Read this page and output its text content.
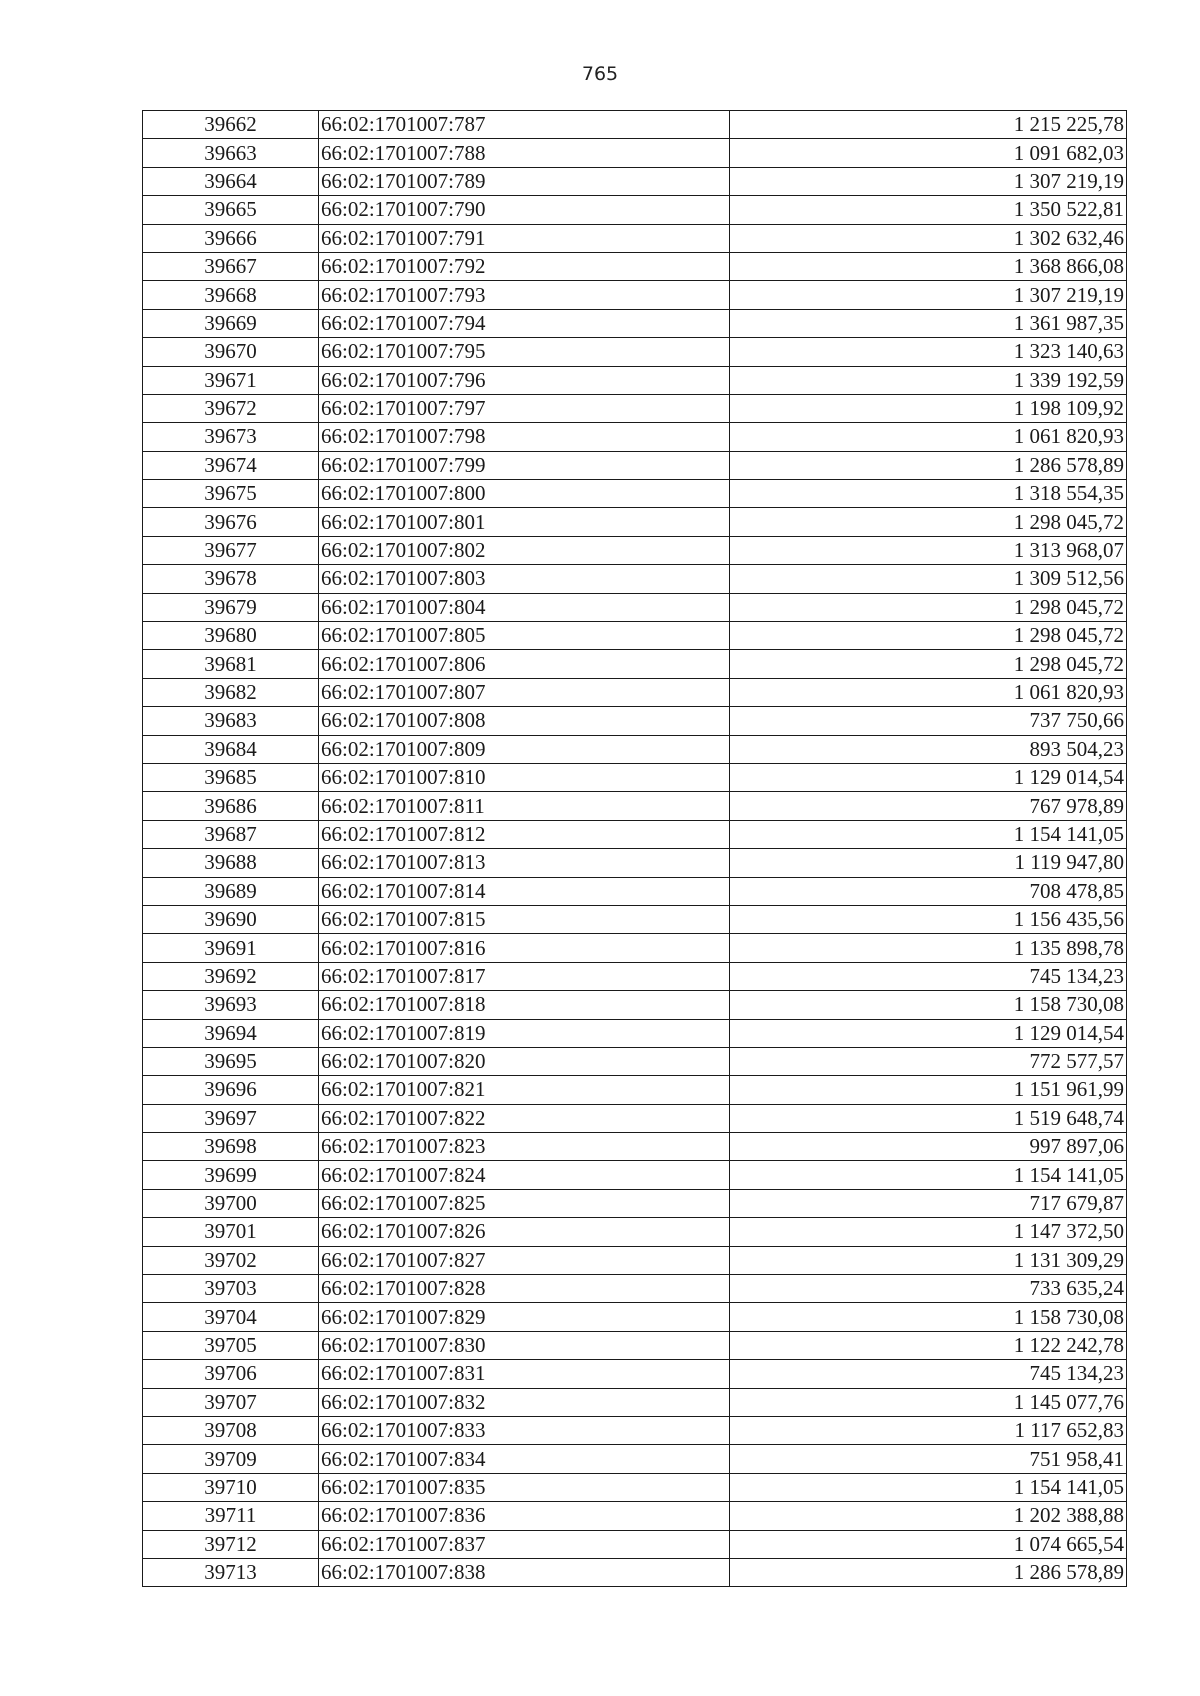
765
39662	66:02:1701007:787	1 215 225,78
39663	66:02:1701007:788	1 091 682,03
39664	66:02:1701007:789	1 307 219,19
39665	66:02:1701007:790	1 350 522,81
39666	66:02:1701007:791	1 302 632,46
39667	66:02:1701007:792	1 368 866,08
39668	66:02:1701007:793	1 307 219,19
39669	66:02:1701007:794	1 361 987,35
39670	66:02:1701007:795	1 323 140,63
39671	66:02:1701007:796	1 339 192,59
39672	66:02:1701007:797	1 198 109,92
39673	66:02:1701007:798	1 061 820,93
39674	66:02:1701007:799	1 286 578,89
39675	66:02:1701007:800	1 318 554,35
39676	66:02:1701007:801	1 298 045,72
39677	66:02:1701007:802	1 313 968,07
39678	66:02:1701007:803	1 309 512,56
39679	66:02:1701007:804	1 298 045,72
39680	66:02:1701007:805	1 298 045,72
39681	66:02:1701007:806	1 298 045,72
39682	66:02:1701007:807	1 061 820,93
39683	66:02:1701007:808	737 750,66
39684	66:02:1701007:809	893 504,23
39685	66:02:1701007:810	1 129 014,54
39686	66:02:1701007:811	767 978,89
39687	66:02:1701007:812	1 154 141,05
39688	66:02:1701007:813	1 119 947,80
39689	66:02:1701007:814	708 478,85
39690	66:02:1701007:815	1 156 435,56
39691	66:02:1701007:816	1 135 898,78
39692	66:02:1701007:817	745 134,23
39693	66:02:1701007:818	1 158 730,08
39694	66:02:1701007:819	1 129 014,54
39695	66:02:1701007:820	772 577,57
39696	66:02:1701007:821	1 151 961,99
39697	66:02:1701007:822	1 519 648,74
39698	66:02:1701007:823	997 897,06
39699	66:02:1701007:824	1 154 141,05
39700	66:02:1701007:825	717 679,87
39701	66:02:1701007:826	1 147 372,50
39702	66:02:1701007:827	1 131 309,29
39703	66:02:1701007:828	733 635,24
39704	66:02:1701007:829	1 158 730,08
39705	66:02:1701007:830	1 122 242,78
39706	66:02:1701007:831	745 134,23
39707	66:02:1701007:832	1 145 077,76
39708	66:02:1701007:833	1 117 652,83
39709	66:02:1701007:834	751 958,41
39710	66:02:1701007:835	1 154 141,05
39711	66:02:1701007:836	1 202 388,88
39712	66:02:1701007:837	1 074 665,54
39713	66:02:1701007:838	1 286 578,89
